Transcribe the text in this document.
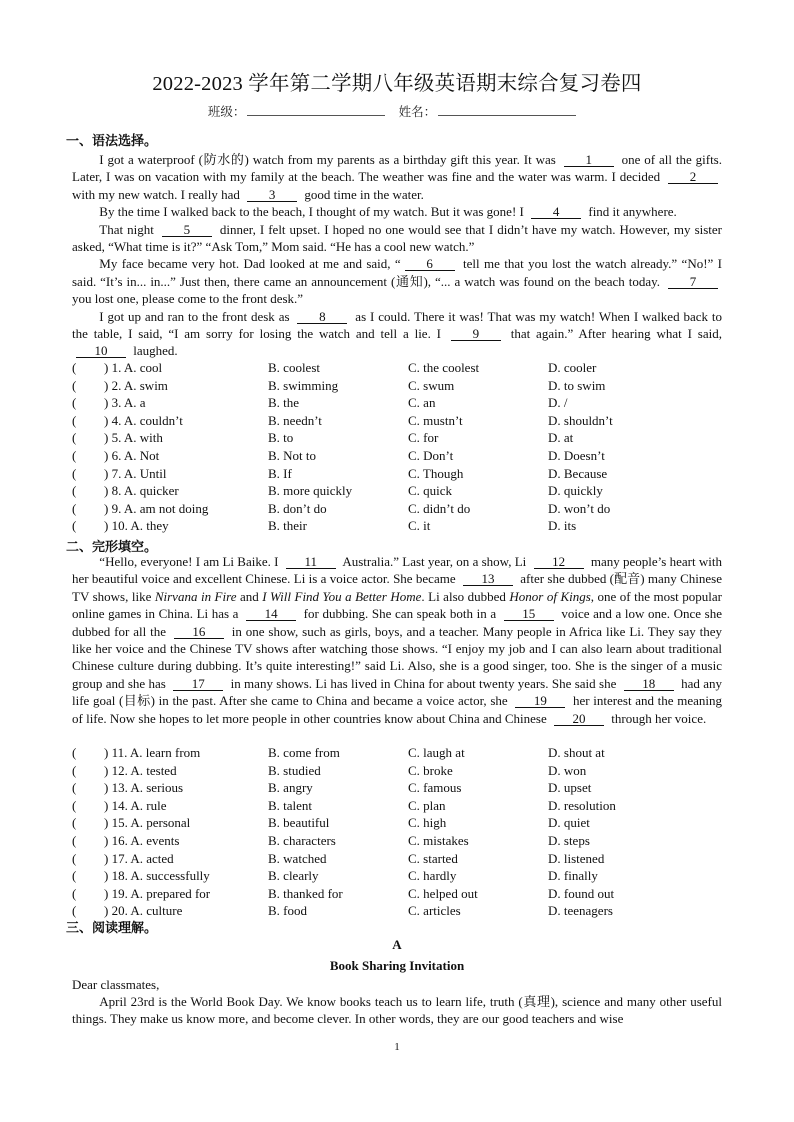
2022-2023 学年第二学期八年级英语期末综合复习卷四
班级：	姓名：
一、语法选择。

I got a waterproof (防水的) watch from my parents as a birthday gift this year. It was 1 one of all the gifts. Later, I was on vacation with my family at the beach. The weather was fine and the water was warm. I decided 2 with my new watch. I really had 3 good time in the water.

By the time I walked back to the beach, I thought of my watch. But it was gone! I 4 find it anywhere.

That night 5 dinner, I felt upset. I hoped no one would see that I didn’t have my watch. However, my sister asked, “What time is it?” “Ask Tom,” Mom said. “He has a cool new watch.”

My face became very hot. Dad looked at me and said, “ 6 tell me that you lost the watch already.” “No!” I said. “It’s in... in...” Just then, there came an announcement (通知), “... a watch was found on the beach today. 7 you lost one, please come to the front desk.”

I got up and ran to the front desk as 8 as I could. There it was! That was my watch! When I walked back to the table, I said, “I am sorry for losing the watch and tell a lie. I 9 that again.” After hearing what I said, 10 laughed.

( ) 1. A. cool	B. coolest	C. the coolest	D. cooler
( ) 2. A. swim	B. swimming	C. swum	D. to swim
( ) 3. A. a	B. the	C. an	D. /
( ) 4. A. couldn’t	B. needn’t	C. mustn’t	D. shouldn’t
( ) 5. A. with	B. to	C. for	D. at
( ) 6. A. Not	B. Not to	C. Don’t	D. Doesn’t
( ) 7. A. Until	B. If	C. Though	D. Because
( ) 8. A. quicker	B. more quickly	C. quick	D. quickly
( ) 9. A. am not doing	B. don’t do	C. didn’t do	D. won’t do
( ) 10. A. they	B. their	C. it	D. its
二、完形填空。

“Hello, everyone! I am Li Baike. I 11 Australia.” Last year, on a show, Li 12 many people’s heart with her beautiful voice and excellent Chinese. Li is a voice actor. She became 13 after she dubbed (配音) many Chinese TV shows, like Nirvana in Fire and I Will Find You a Better Home. Li also dubbed Honor of Kings, one of the most popular online games in China. Li has a 14 for dubbing. She can speak both in a 15 voice and a low one. Once she dubbed for all the 16 in one show, such as girls, boys, and a teacher. Many people in Africa like Li. They say they like her voice and the Chinese TV shows after watching those shows. “I enjoy my job and I can also learn about traditional Chinese culture during dubbing. It’s quite interesting!” said Li. Also, she is a good singer, too. She is the singer of a music group and she has 17 in many shows. Li has lived in China for about twenty years. She said she 18 had any life goal (目标) in the past. After she came to China and became a voice actor, she 19 her interest and the meaning of life. Now she hopes to let more people in other countries know about China and Chinese 20 through her voice.

( ) 11. A. learn from	B. come from	C. laugh at	D. shout at
( ) 12. A. tested	B. studied	C. broke	D. won
( ) 13. A. serious	B. angry	C. famous	D. upset
( ) 14. A. rule	B. talent	C. plan	D. resolution
( ) 15. A. personal	B. beautiful	C. high	D. quiet
( ) 16. A. events	B. characters	C. mistakes	D. steps
( ) 17. A. acted	B. watched	C. started	D. listened
( ) 18. A. successfully	B. clearly	C. hardly	D. finally
( ) 19. A. prepared for	B. thanked for	C. helped out	D. found out
( ) 20. A. culture	B. food	C. articles	D. teenagers
三、阅读理解。
A
Book Sharing Invitation
Dear classmates,

April 23rd is the World Book Day. We know books teach us to learn life, truth (真理), science and many other useful things. They make us know more, and become clever. In other words, they are our good teachers and wise

1
